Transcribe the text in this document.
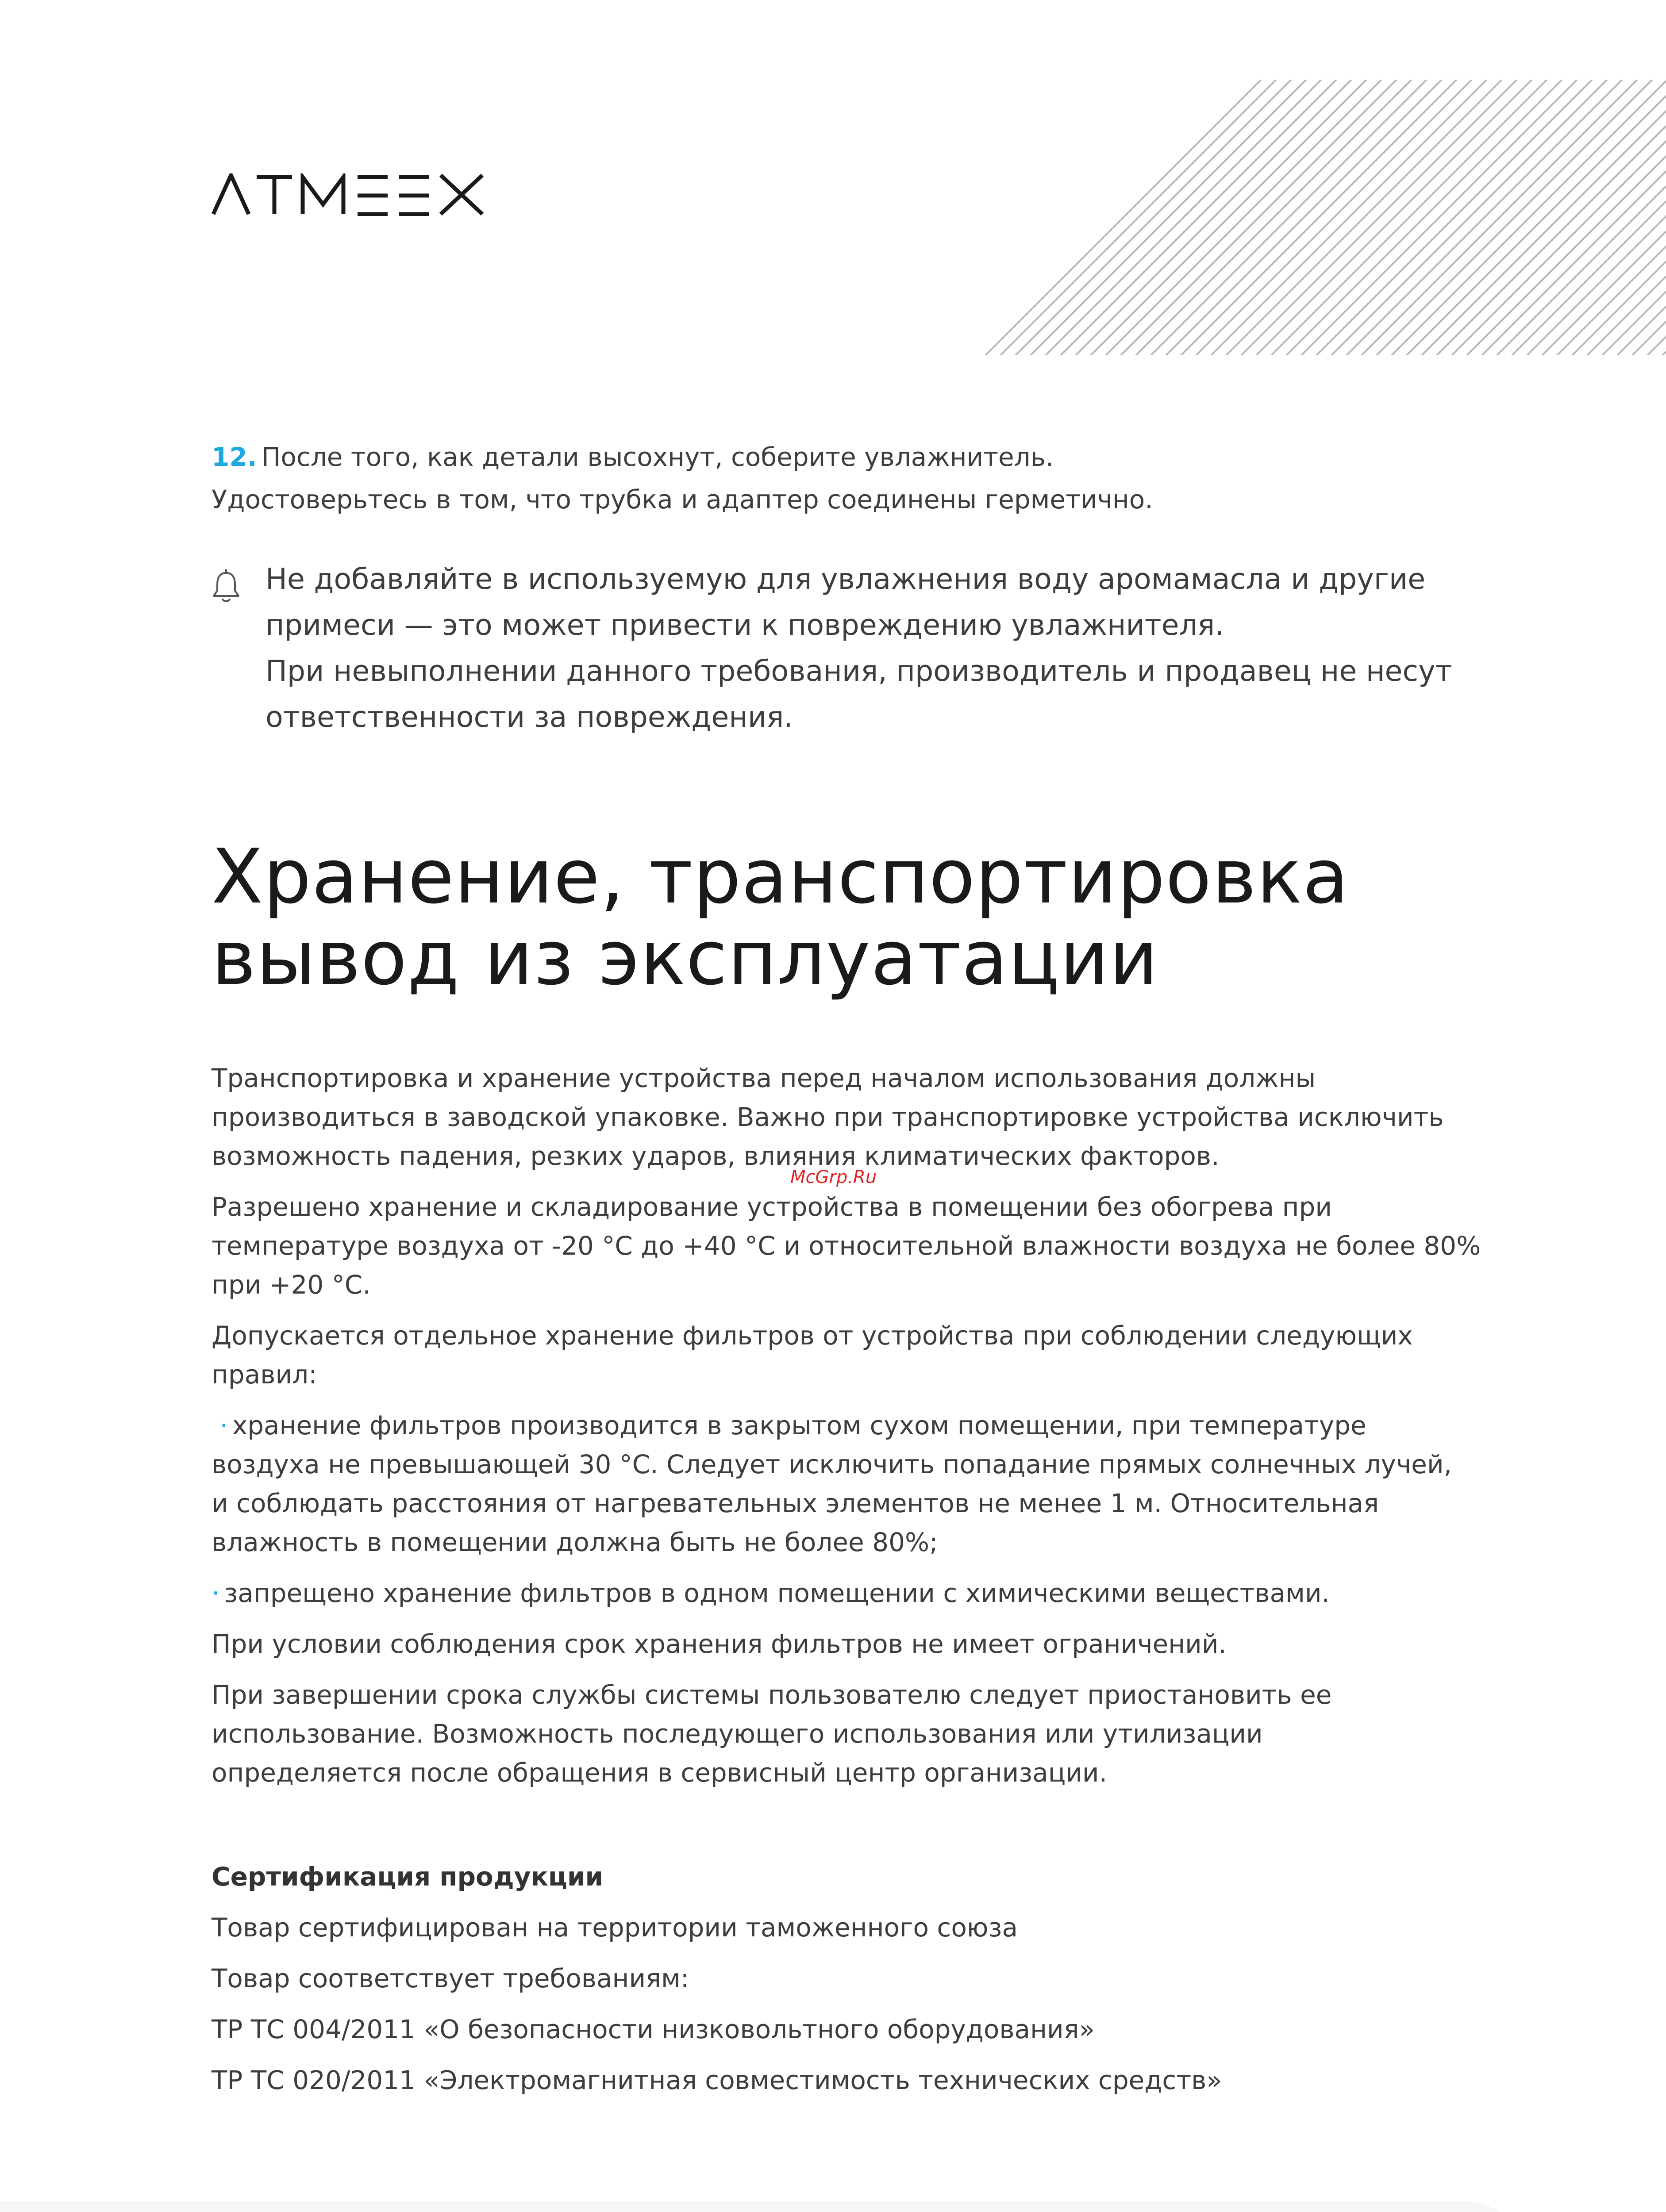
12. После того, как детали высохнут, соберите увлажнитель.
Удостоверьтесь в том, что трубка и адаптер соединены герметично.

Не добавляйте в используемую для увлажнения воду аромамасла и другие
примеси — это может привести к повреждению увлажнителя.
При невыполнении данного требования, производитель и продавец не несут
ответственности за повреждения.

Хранение, транспортировка
вывод из эксплуатации

Транспортировка и хранение устройства перед началом использования должны
производиться в заводской упаковке. Важно при транспортировке устройства исключить
возможность падения, резких ударов, влияния климатических факторов.

Разрешено хранение и складирование устройства в помещении без обогрева при
температуре воздуха от -20 °C до +40 °C и относительной влажности воздуха не более 80%
при +20 °C.

Допускается отдельное хранение фильтров от устройства при соблюдении следующих
правил:

· хранение фильтров производится в закрытом сухом помещении, при температуре
воздуха не превышающей 30 °C. Следует исключить попадание прямых солнечных лучей,
и соблюдать расстояния от нагревательных элементов не менее 1 м. Относительная
влажность в помещении должна быть не более 80%;

· запрещено хранение фильтров в одном помещении с химическими веществами.

При условии соблюдения срок хранения фильтров не имеет ограничений.

При завершении срока службы системы пользователю следует приостановить ее
использование. Возможность последующего использования или утилизации
определяется после обращения в сервисный центр организации.

McGrp.Ru

Сертификация продукции

Товар сертифицирован на территории таможенного союза

Товар соответствует требованиям:

ТР ТС 004/2011 «О безопасности низковольтного оборудования»

ТР ТС 020/2011 «Электромагнитная совместимость технических средств»
